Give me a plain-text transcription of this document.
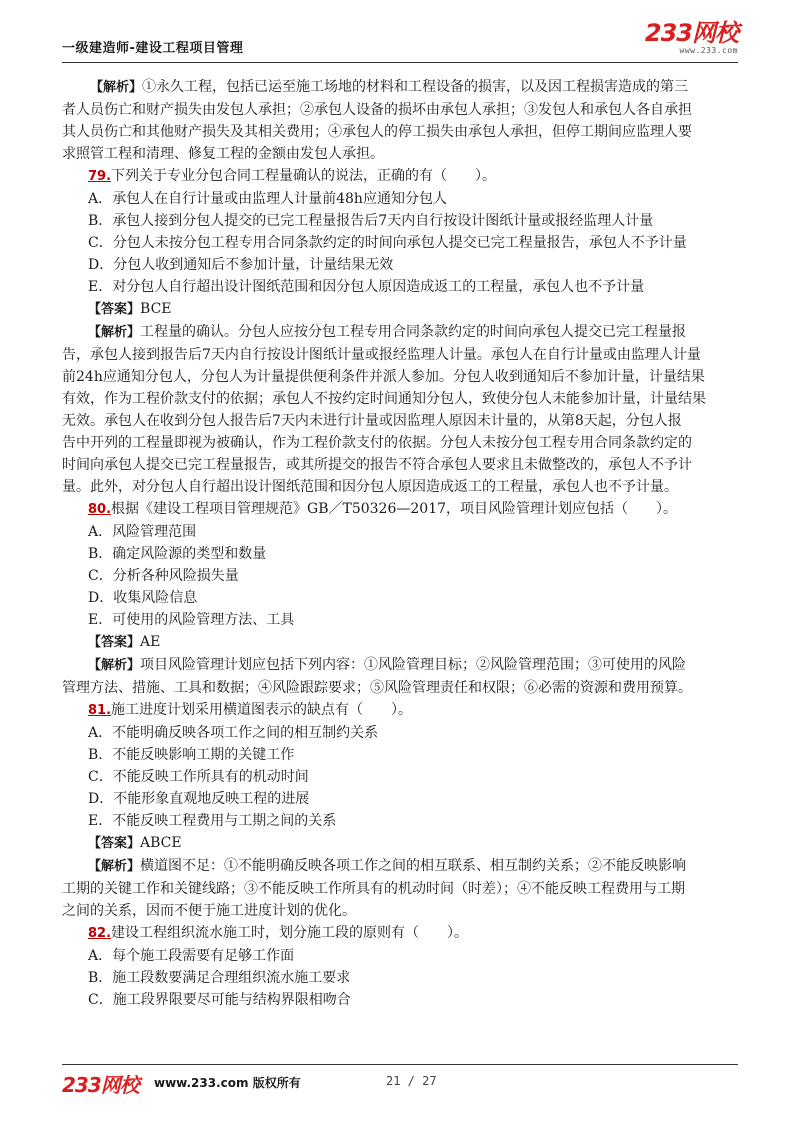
一级建造师-建设工程项目管理
233网校
www.233.com

【解析】①永久工程，包括已运至施工场地的材料和工程设备的损害，以及因工程损害造成的第三

者人员伤亡和财产损失由发包人承担；②承包人设备的损坏由承包人承担；③发包人和承包人各自承担

其人员伤亡和其他财产损失及其相关费用；④承包人的停工损失由承包人承担，但停工期间应监理人要

求照管工程和清理、修复工程的金额由发包人承担。

79.下列关于专业分包合同工程量确认的说法，正确的有（　　）。

A．承包人在自行计量或由监理人计量前48h应通知分包人

B．承包人接到分包人提交的已完工程量报告后7天内自行按设计图纸计量或报经监理人计量

C．分包人未按分包工程专用合同条款约定的时间向承包人提交已完工程量报告，承包人不予计量

D．分包人收到通知后不参加计量，计量结果无效

E．对分包人自行超出设计图纸范围和因分包人原因造成返工的工程量，承包人也不予计量

【答案】BCE

【解析】工程量的确认。分包人应按分包工程专用合同条款约定的时间向承包人提交已完工程量报

告，承包人接到报告后7天内自行按设计图纸计量或报经监理人计量。承包人在自行计量或由监理人计量

前24h应通知分包人，分包人为计量提供便利条件并派人参加。分包人收到通知后不参加计量，计量结果

有效，作为工程价款支付的依据；承包人不按约定时间通知分包人，致使分包人未能参加计量，计量结果

无效。承包人在收到分包人报告后7天内未进行计量或因监理人原因未计量的，从第8天起，分包人报

告中开列的工程量即视为被确认，作为工程价款支付的依据。分包人未按分包工程专用合同条款约定的

时间向承包人提交已完工程量报告，或其所提交的报告不符合承包人要求且未做整改的，承包人不予计

量。此外，对分包人自行超出设计图纸范围和因分包人原因造成返工的工程量，承包人也不予计量。

80.根据《建设工程项目管理规范》GB／T50326—2017，项目风险管理计划应包括（　　）。

A．风险管理范围

B．确定风险源的类型和数量

C．分析各种风险损失量

D．收集风险信息

E．可使用的风险管理方法、工具

【答案】AE

【解析】项目风险管理计划应包括下列内容：①风险管理目标；②风险管理范围；③可使用的风险

管理方法、措施、工具和数据；④风险跟踪要求；⑤风险管理责任和权限；⑥必需的资源和费用预算。

81.施工进度计划采用横道图表示的缺点有（　　）。

A．不能明确反映各项工作之间的相互制约关系

B．不能反映影响工期的关键工作

C．不能反映工作所具有的机动时间

D．不能形象直观地反映工程的进展

E．不能反映工程费用与工期之间的关系

【答案】ABCE

【解析】横道图不足：①不能明确反映各项工作之间的相互联系、相互制约关系；②不能反映影响

工期的关键工作和关键线路；③不能反映工作所具有的机动时间（时差）；④不能反映工程费用与工期

之间的关系，因而不便于施工进度计划的优化。

82.建设工程组织流水施工时，划分施工段的原则有（　　）。

A．每个施工段需要有足够工作面

B．施工段数要满足合理组织流水施工要求

C．施工段界限要尽可能与结构界限相吻合

233网校 www.233.com 版权所有	21 / 27
